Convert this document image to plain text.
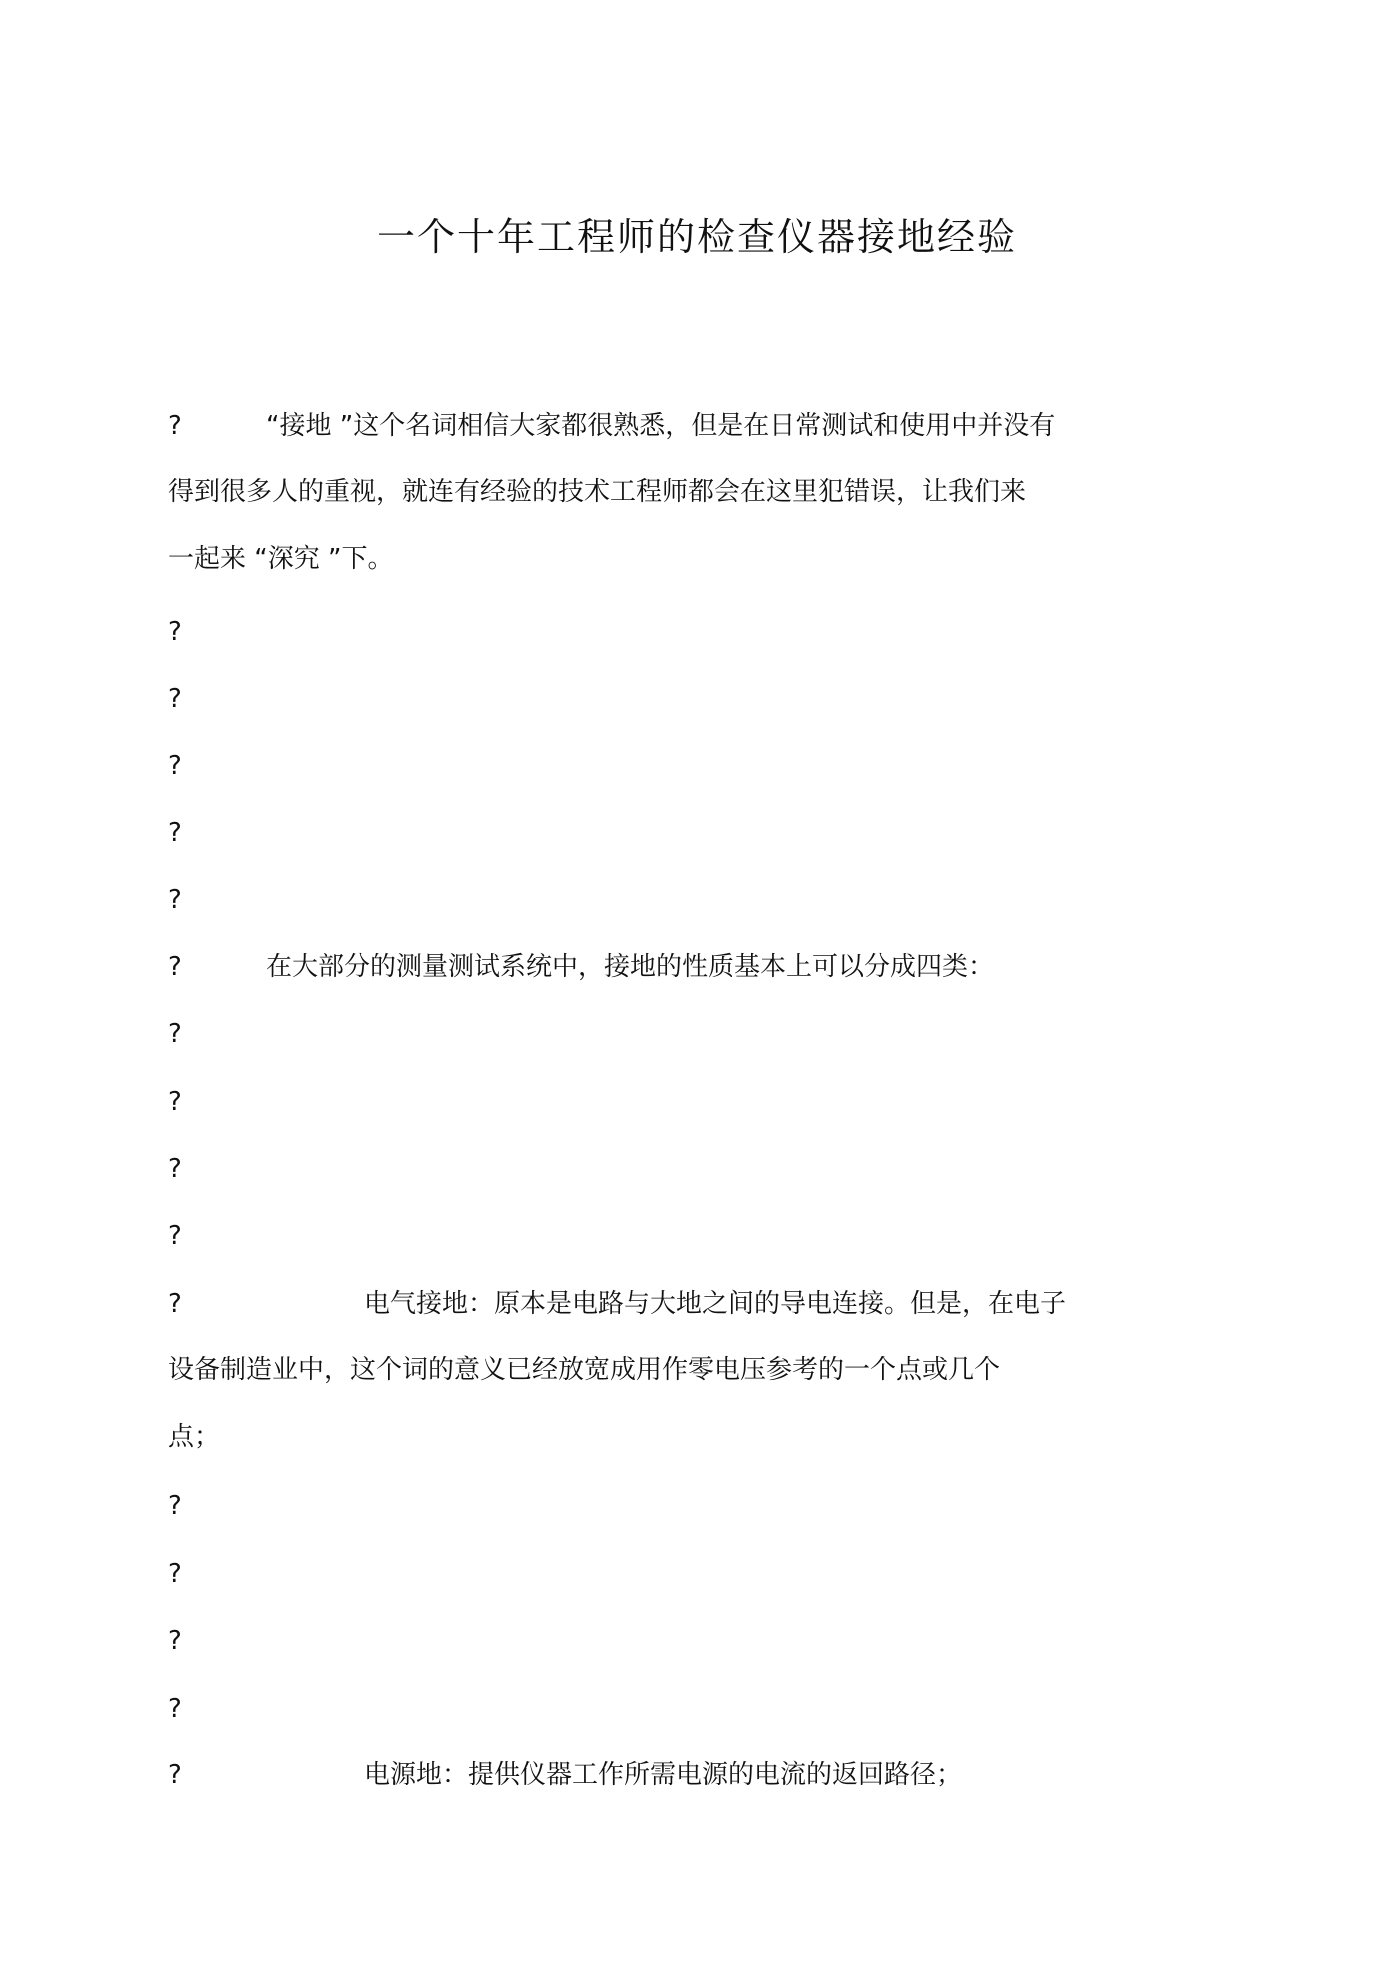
一个十年工程师的检查仪器接地经验
?	“接地 ”这个名词相信大家都很熟悉，但是在日常测试和使用中并没有
得到很多人的重视，就连有经验的技术工程师都会在这里犯错误，让我们来
一起来 “深究 ”下。
?
?
?
?
?
?	在大部分的测量测试系统中，接地的性质基本上可以分成四类：
?
?
?
?
?	电气接地：原本是电路与大地之间的导电连接。但是，在电子
设备制造业中，这个词的意义已经放宽成用作零电压参考的一个点或几个
点；
?
?
?
?
?	电源地：提供仪器工作所需电源的电流的返回路径；
